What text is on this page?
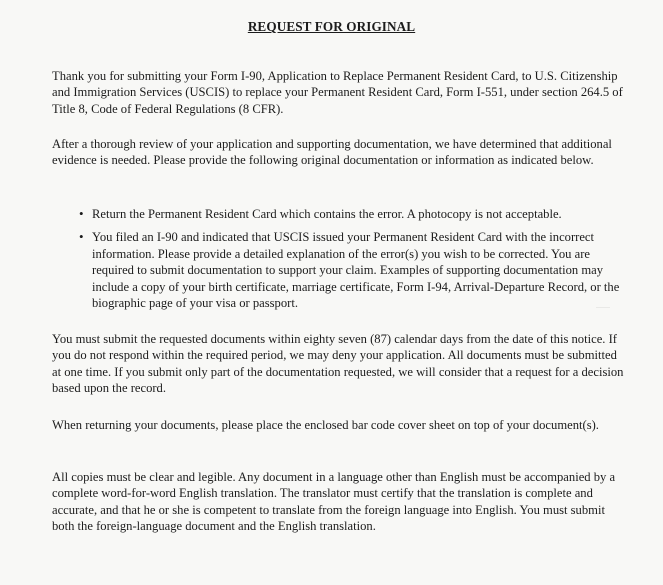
REQUEST FOR ORIGINAL

Thank you for submitting your Form I-90, Application to Replace Permanent Resident Card, to U.S. Citizenship and Immigration Services (USCIS) to replace your Permanent Resident Card, Form I-551, under section 264.5 of Title 8, Code of Federal Regulations (8 CFR).

After a thorough review of your application and supporting documentation, we have determined that additional evidence is needed. Please provide the following original documentation or information as indicated below.

• Return the Permanent Resident Card which contains the error. A photocopy is not acceptable.
• You filed an I-90 and indicated that USCIS issued your Permanent Resident Card with the incorrect information. Please provide a detailed explanation of the error(s) you wish to be corrected. You are required to submit documentation to support your claim. Examples of supporting documentation may include a copy of your birth certificate, marriage certificate, Form I-94, Arrival-Departure Record, or the biographic page of your visa or passport.

You must submit the requested documents within eighty seven (87) calendar days from the date of this notice. If you do not respond within the required period, we may deny your application. All documents must be submitted at one time. If you submit only part of the documentation requested, we will consider that a request for a decision based upon the record.

When returning your documents, please place the enclosed bar code cover sheet on top of your document(s).

All copies must be clear and legible. Any document in a language other than English must be accompanied by a complete word-for-word English translation. The translator must certify that the translation is complete and accurate, and that he or she is competent to translate from the foreign language into English. You must submit both the foreign-language document and the English translation.
